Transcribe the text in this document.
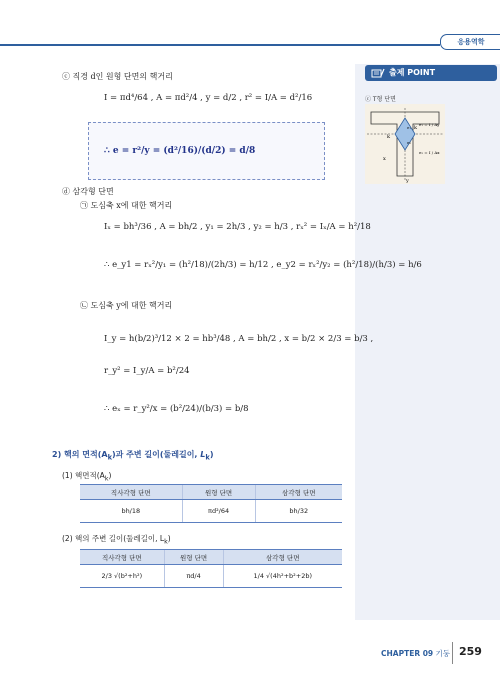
응용역학
출제 POINT
ⓒ T형 단면
k
k
e₁
e₂
x
y
e₁ = I / Ay
e₂ = I / Ax
ⓒ 직경 d인 원형 단면의 핵거리
I = πd⁴/64 , A = πd²/4 , y = d/2 , r² = I/A = d²/16
∴ e = r²/y = (d²/16)/(d/2) = d/8
ⓓ 삼각형 단면
㉠ 도심축 x에 대한 핵거리
Iₓ = bh³/36 , A = bh/2 , y₁ = 2h/3 , y₂ = h/3 , rₓ² = Iₓ/A = h²/18
∴ e_y1 = rₓ²/y₁ = (h²/18)/(2h/3) = h/12 , e_y2 = rₓ²/y₂ = (h²/18)/(h/3) = h/6
㉡ 도심축 y에 대한 핵거리
I_y = h(b/2)³/12 × 2 = hb³/48 , A = bh/2 , x = b/2 × 2/3 = b/3 ,
r_y² = I_y/A = b²/24
∴ eₓ = r_y²/x = (b²/24)/(b/3) = b/8
2) 핵의 면적$(A_k)$과 주변 길이(둘레길이, $L_k$)
(1) 핵면적$(A_k)$
직사각형 단면	원형 단면	삼각형 단면
bh/18	πd²/64	bh/32
(2) 핵의 주변 길이(둘레길이, $L_k$)
직사각형 단면	원형 단면	삼각형 단면
2/3 √(b²+h²)	πd/4	1/4 √(4h²+b²+2b)
CHAPTER 09 기둥 259
